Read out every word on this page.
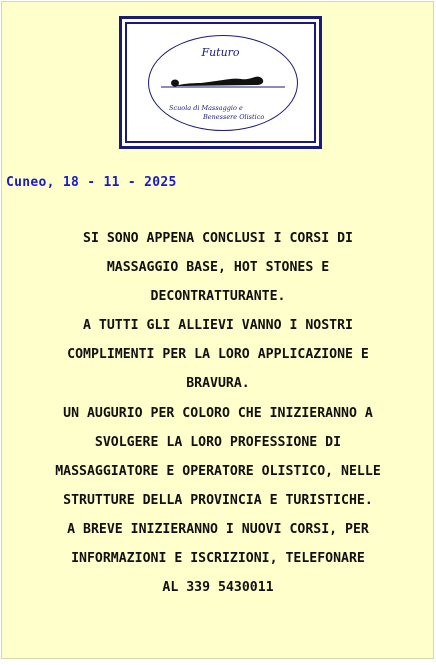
Futuro
Scuola di Massaggio e
Benessere Olistico
Cuneo, 18 - 11 - 2025
SI SONO APPENA CONCLUSI I CORSI DI
MASSAGGIO BASE, HOT STONES E
DECONTRATTURANTE.
A TUTTI GLI ALLIEVI VANNO I NOSTRI
COMPLIMENTI PER LA LORO APPLICAZIONE E
BRAVURA.
UN AUGURIO PER COLORO CHE INIZIERANNO A
SVOLGERE LA LORO PROFESSIONE DI
MASSAGGIATORE E OPERATORE OLISTICO, NELLE
STRUTTURE DELLA PROVINCIA E TURISTICHE.
A BREVE INIZIERANNO I NUOVI CORSI, PER
INFORMAZIONI E ISCRIZIONI, TELEFONARE
AL 339 5430011
